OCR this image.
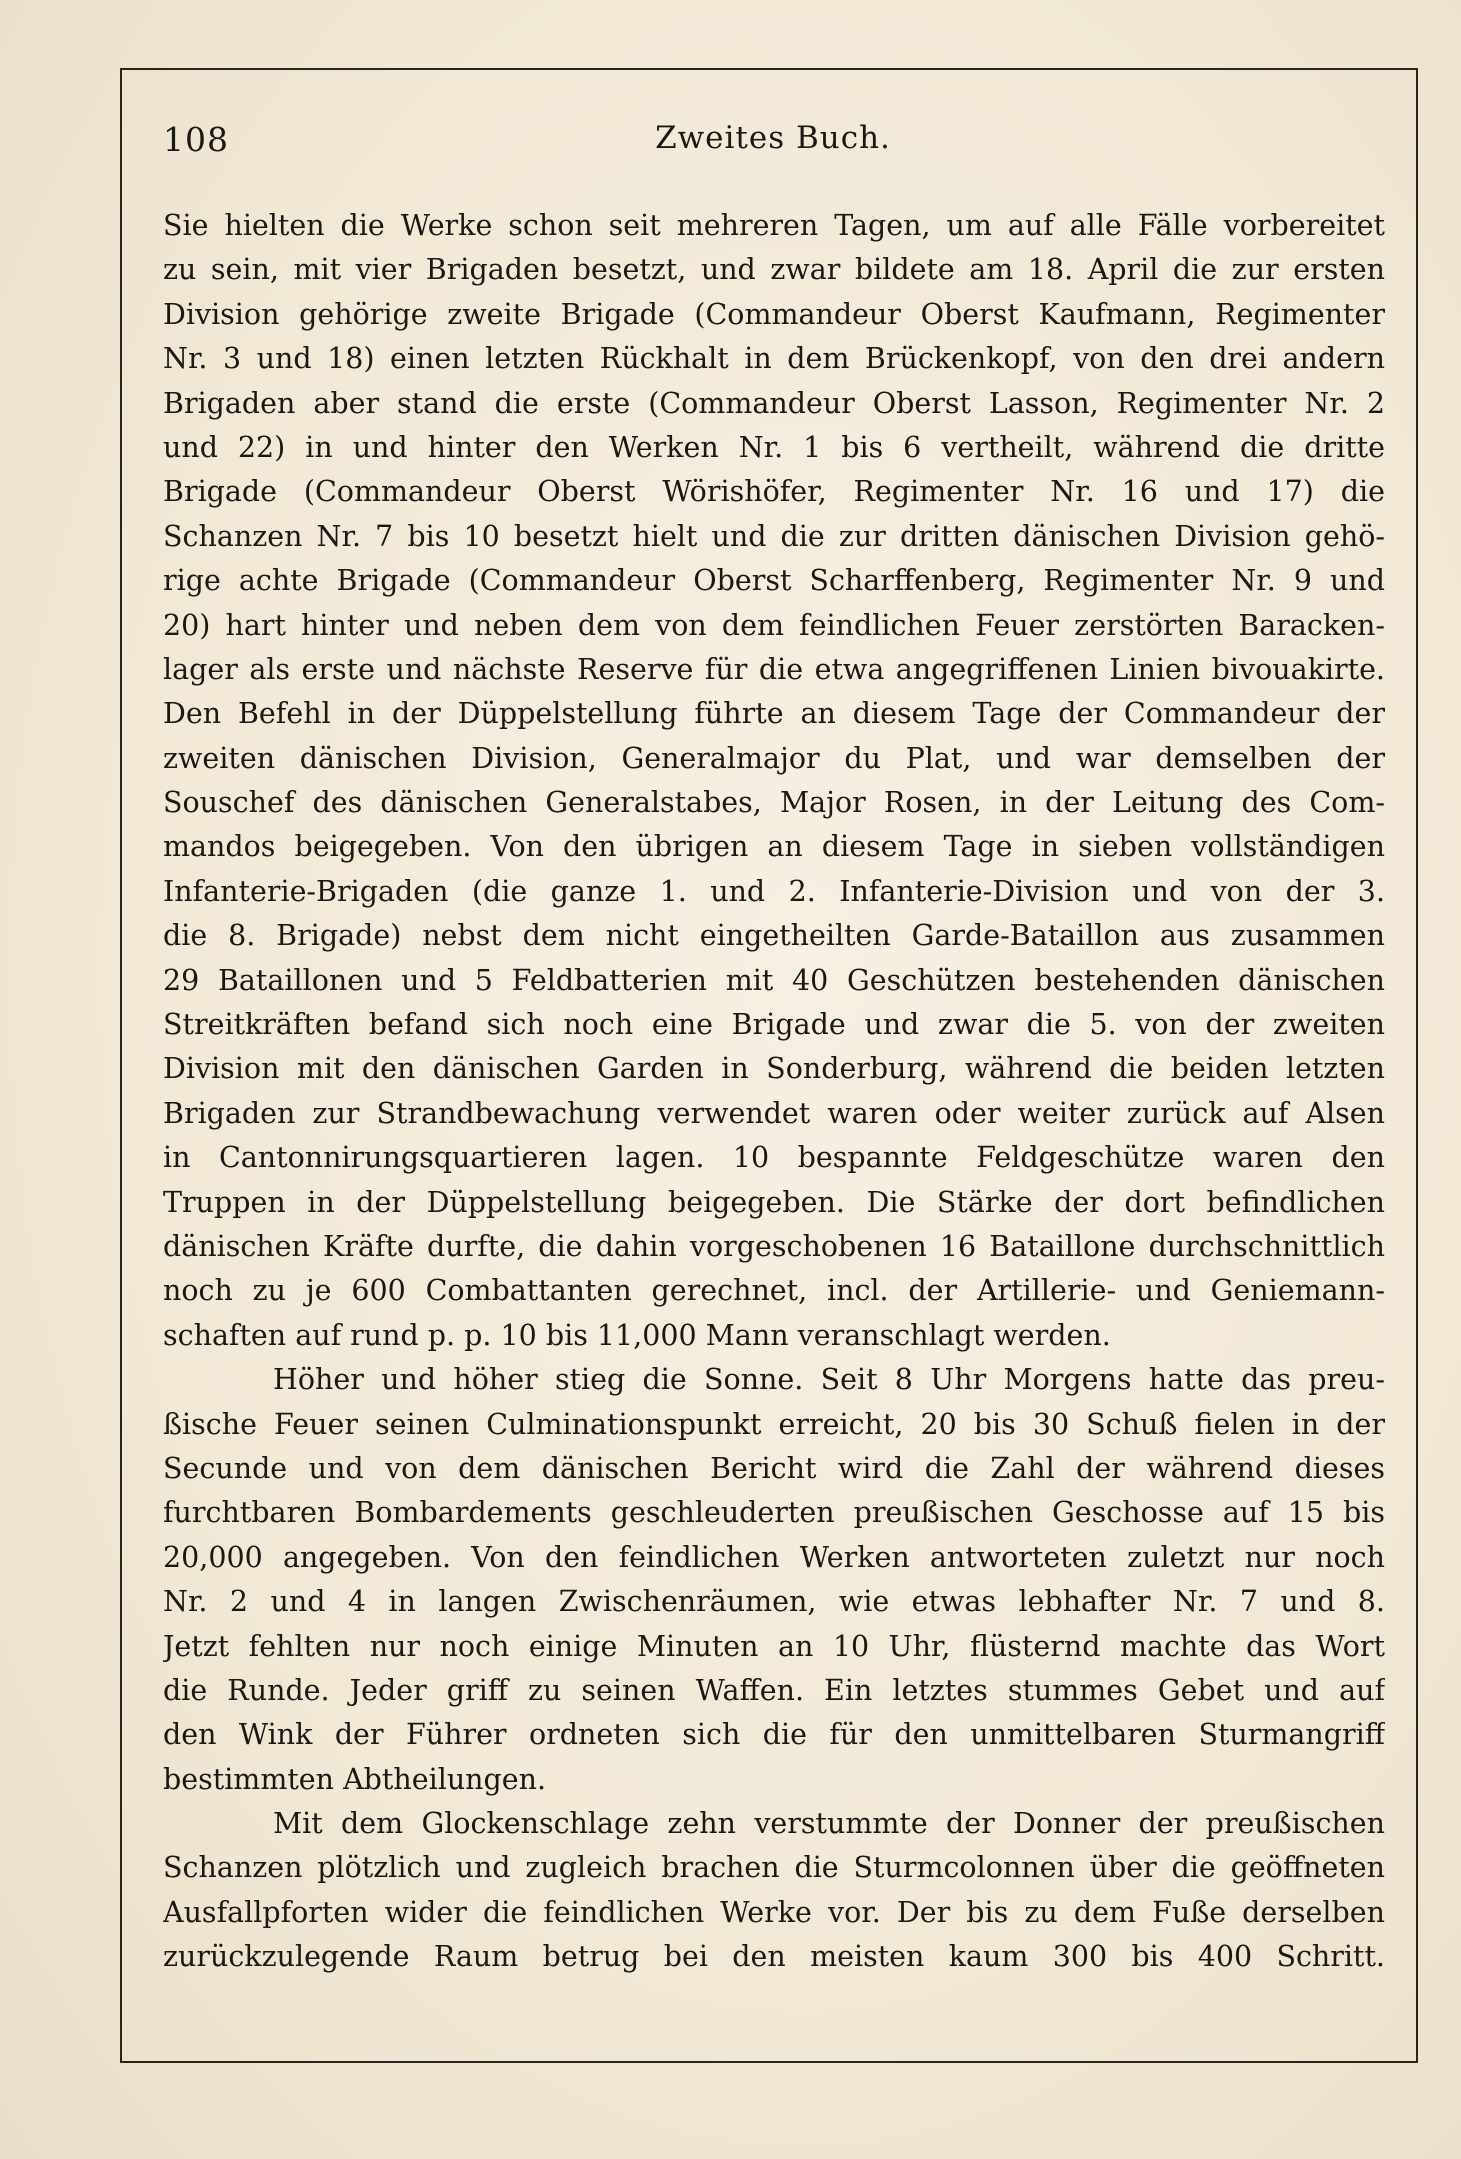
108	Zweites Buch.
Sie hielten die Werke schon seit mehreren Tagen, um auf alle Fälle vorbereitet
zu sein, mit vier Brigaden besetzt, und zwar bildete am 18. April die zur ersten
Division gehörige zweite Brigade (Commandeur Oberst Kaufmann, Regimenter
Nr. 3 und 18) einen letzten Rückhalt in dem Brückenkopf, von den drei andern
Brigaden aber stand die erste (Commandeur Oberst Lasson, Regimenter Nr. 2
und 22) in und hinter den Werken Nr. 1 bis 6 vertheilt, während die dritte
Brigade (Commandeur Oberst Wörishöfer, Regimenter Nr. 16 und 17) die
Schanzen Nr. 7 bis 10 besetzt hielt und die zur dritten dänischen Division gehö-
rige achte Brigade (Commandeur Oberst Scharffenberg, Regimenter Nr. 9 und
20) hart hinter und neben dem von dem feindlichen Feuer zerstörten Baracken-
lager als erste und nächste Reserve für die etwa angegriffenen Linien bivouakirte.
Den Befehl in der Düppelstellung führte an diesem Tage der Commandeur der
zweiten dänischen Division, Generalmajor du Plat, und war demselben der
Souschef des dänischen Generalstabes, Major Rosen, in der Leitung des Com-
mandos beigegeben. Von den übrigen an diesem Tage in sieben vollständigen
Infanterie-Brigaden (die ganze 1. und 2. Infanterie-Division und von der 3.
die 8. Brigade) nebst dem nicht eingetheilten Garde-Bataillon aus zusammen
29 Bataillonen und 5 Feldbatterien mit 40 Geschützen bestehenden dänischen
Streitkräften befand sich noch eine Brigade und zwar die 5. von der zweiten
Division mit den dänischen Garden in Sonderburg, während die beiden letzten
Brigaden zur Strandbewachung verwendet waren oder weiter zurück auf Alsen
in Cantonnirungsquartieren lagen. 10 bespannte Feldgeschütze waren den
Truppen in der Düppelstellung beigegeben. Die Stärke der dort befindlichen
dänischen Kräfte durfte, die dahin vorgeschobenen 16 Bataillone durchschnittlich
noch zu je 600 Combattanten gerechnet, incl. der Artillerie- und Geniemann-
schaften auf rund p. p. 10 bis 11,000 Mann veranschlagt werden.
Höher und höher stieg die Sonne. Seit 8 Uhr Morgens hatte das preu-
ßische Feuer seinen Culminationspunkt erreicht, 20 bis 30 Schuß fielen in der
Secunde und von dem dänischen Bericht wird die Zahl der während dieses
furchtbaren Bombardements geschleuderten preußischen Geschosse auf 15 bis
20,000 angegeben. Von den feindlichen Werken antworteten zuletzt nur noch
Nr. 2 und 4 in langen Zwischenräumen, wie etwas lebhafter Nr. 7 und 8.
Jetzt fehlten nur noch einige Minuten an 10 Uhr, flüsternd machte das Wort
die Runde. Jeder griff zu seinen Waffen. Ein letztes stummes Gebet und auf
den Wink der Führer ordneten sich die für den unmittelbaren Sturmangriff
bestimmten Abtheilungen.
Mit dem Glockenschlage zehn verstummte der Donner der preußischen
Schanzen plötzlich und zugleich brachen die Sturmcolonnen über die geöffneten
Ausfallpforten wider die feindlichen Werke vor. Der bis zu dem Fuße derselben
zurückzulegende Raum betrug bei den meisten kaum 300 bis 400 Schritt.
